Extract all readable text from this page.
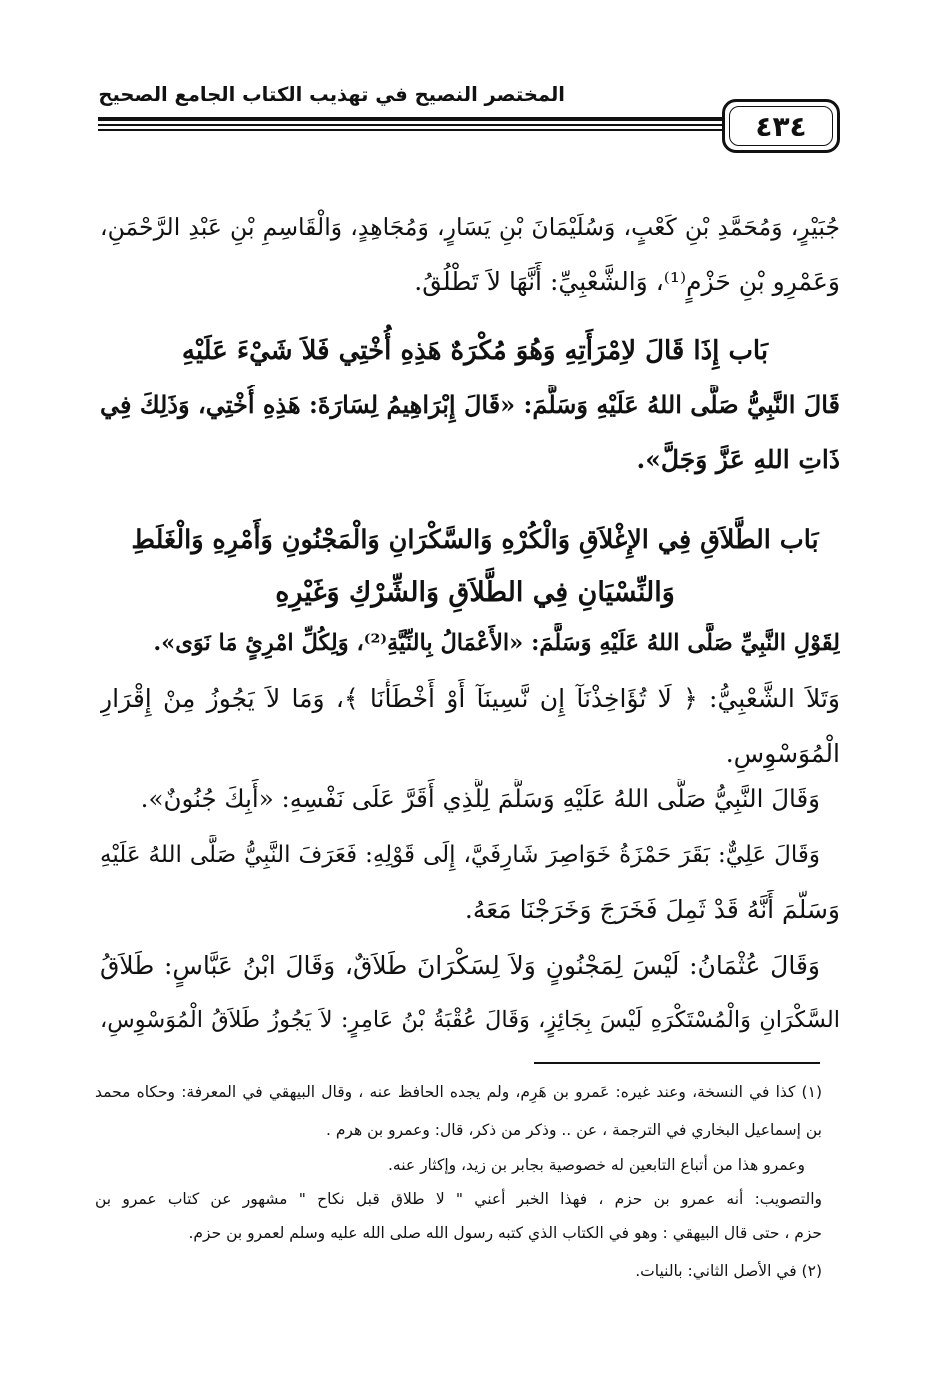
المختصر النصيح في تهذيب الكتاب الجامع الصحيح
٤٣٤
جُبَيْرٍ، وَمُحَمَّدِ بْنِ كَعْبٍ، وَسُلَيْمَانَ بْنِ يَسَارٍ، وَمُجَاهِدٍ، وَالْقَاسِمِ بْنِ عَبْدِ الرَّحْمَنِ،
وَعَمْرِو بْنِ حَزْمٍ⁽¹⁾، وَالشَّعْبِيِّ: أَنَّهَا لاَ تَطْلُقُ.
بَاب إِذَا قَالَ لاِمْرَأَتِهِ وَهُوَ مُكْرَهٌ هَذِهِ أُخْتِي فَلاَ شَيْءَ عَلَيْهِ
قَالَ النَّبِيُّ صَلَّى اللهُ عَلَيْهِ وَسَلَّمَ: «قَالَ إِبْرَاهِيمُ لِسَارَةَ: هَذِهِ أُخْتِي، وَذَلِكَ فِي
ذَاتِ اللهِ عَزَّ وَجَلَّ».
بَاب الطَّلاَقِ فِي الإِغْلاَقِ وَالْكُرْهِ وَالسَّكْرَانِ وَالْمَجْنُونِ وَأَمْرِهِ وَالْغَلَطِ
وَالنِّسْيَانِ فِي الطَّلاَقِ وَالشِّرْكِ وَغَيْرِهِ
لِقَوْلِ النَّبِيِّ صَلَّى اللهُ عَلَيْهِ وَسَلَّمَ: «الأَعْمَالُ بِالنِّيَّةِ⁽²⁾، وَلِكُلِّ امْرِئٍ مَا نَوَى».
وَتَلاَ الشَّعْبِيُّ: ﴿ لَا تُؤَاخِذْنَآ إِن نَّسِينَآ أَوْ أَخْطَأْنَا ﴾، وَمَا لاَ يَجُوزُ مِنْ إِقْرَارِ
الْمُوَسْوِسِ.
وَقَالَ النَّبِيُّ صَلَّى اللهُ عَلَيْهِ وَسَلَّمَ لِلَّذِي أَقَرَّ عَلَى نَفْسِهِ: «أَبِكَ جُنُونٌ».
وَقَالَ عَلِيٌّ: بَقَرَ حَمْزَةُ خَوَاصِرَ شَارِفَيَّ، إِلَى قَوْلِهِ: فَعَرَفَ النَّبِيُّ صَلَّى اللهُ عَلَيْهِ
وَسَلَّمَ أَنَّهُ قَدْ ثَمِلَ فَخَرَجَ وَخَرَجْنَا مَعَهُ.
وَقَالَ عُثْمَانُ: لَيْسَ لِمَجْنُونٍ وَلاَ لِسَكْرَانَ طَلاَقٌ، وَقَالَ ابْنُ عَبَّاسٍ: طَلاَقُ
السَّكْرَانِ وَالْمُسْتَكْرَهِ لَيْسَ بِجَائِزٍ، وَقَالَ عُقْبَةُ بْنُ عَامِرٍ: لاَ يَجُوزُ طَلاَقُ الْمُوَسْوِسِ،
(١) كذا في النسخة، وعند غيره: عَمرو بن هَرِم، ولم يجده الحافظ عنه ، وقال البيهقي في المعرفة: وحكاه محمد
بن إسماعيل البخاري في الترجمة ، عن .. وذكر من ذكر، قال: وعمرو بن هرم .
وعمرو هذا من أتباع التابعين له خصوصية بجابر بن زيد، وإكثار عنه.
والتصويب: أنه عمرو بن حزم ، فهذا الخبر أعني " لا طلاق قبل نكاح " مشهور عن كتاب عمرو بن
حزم ، حتى قال البيهقي : وهو في الكتاب الذي كتبه رسول الله صلى الله عليه وسلم لعمرو بن حزم.
(٢) في الأصل الثاني: بالنيات.
